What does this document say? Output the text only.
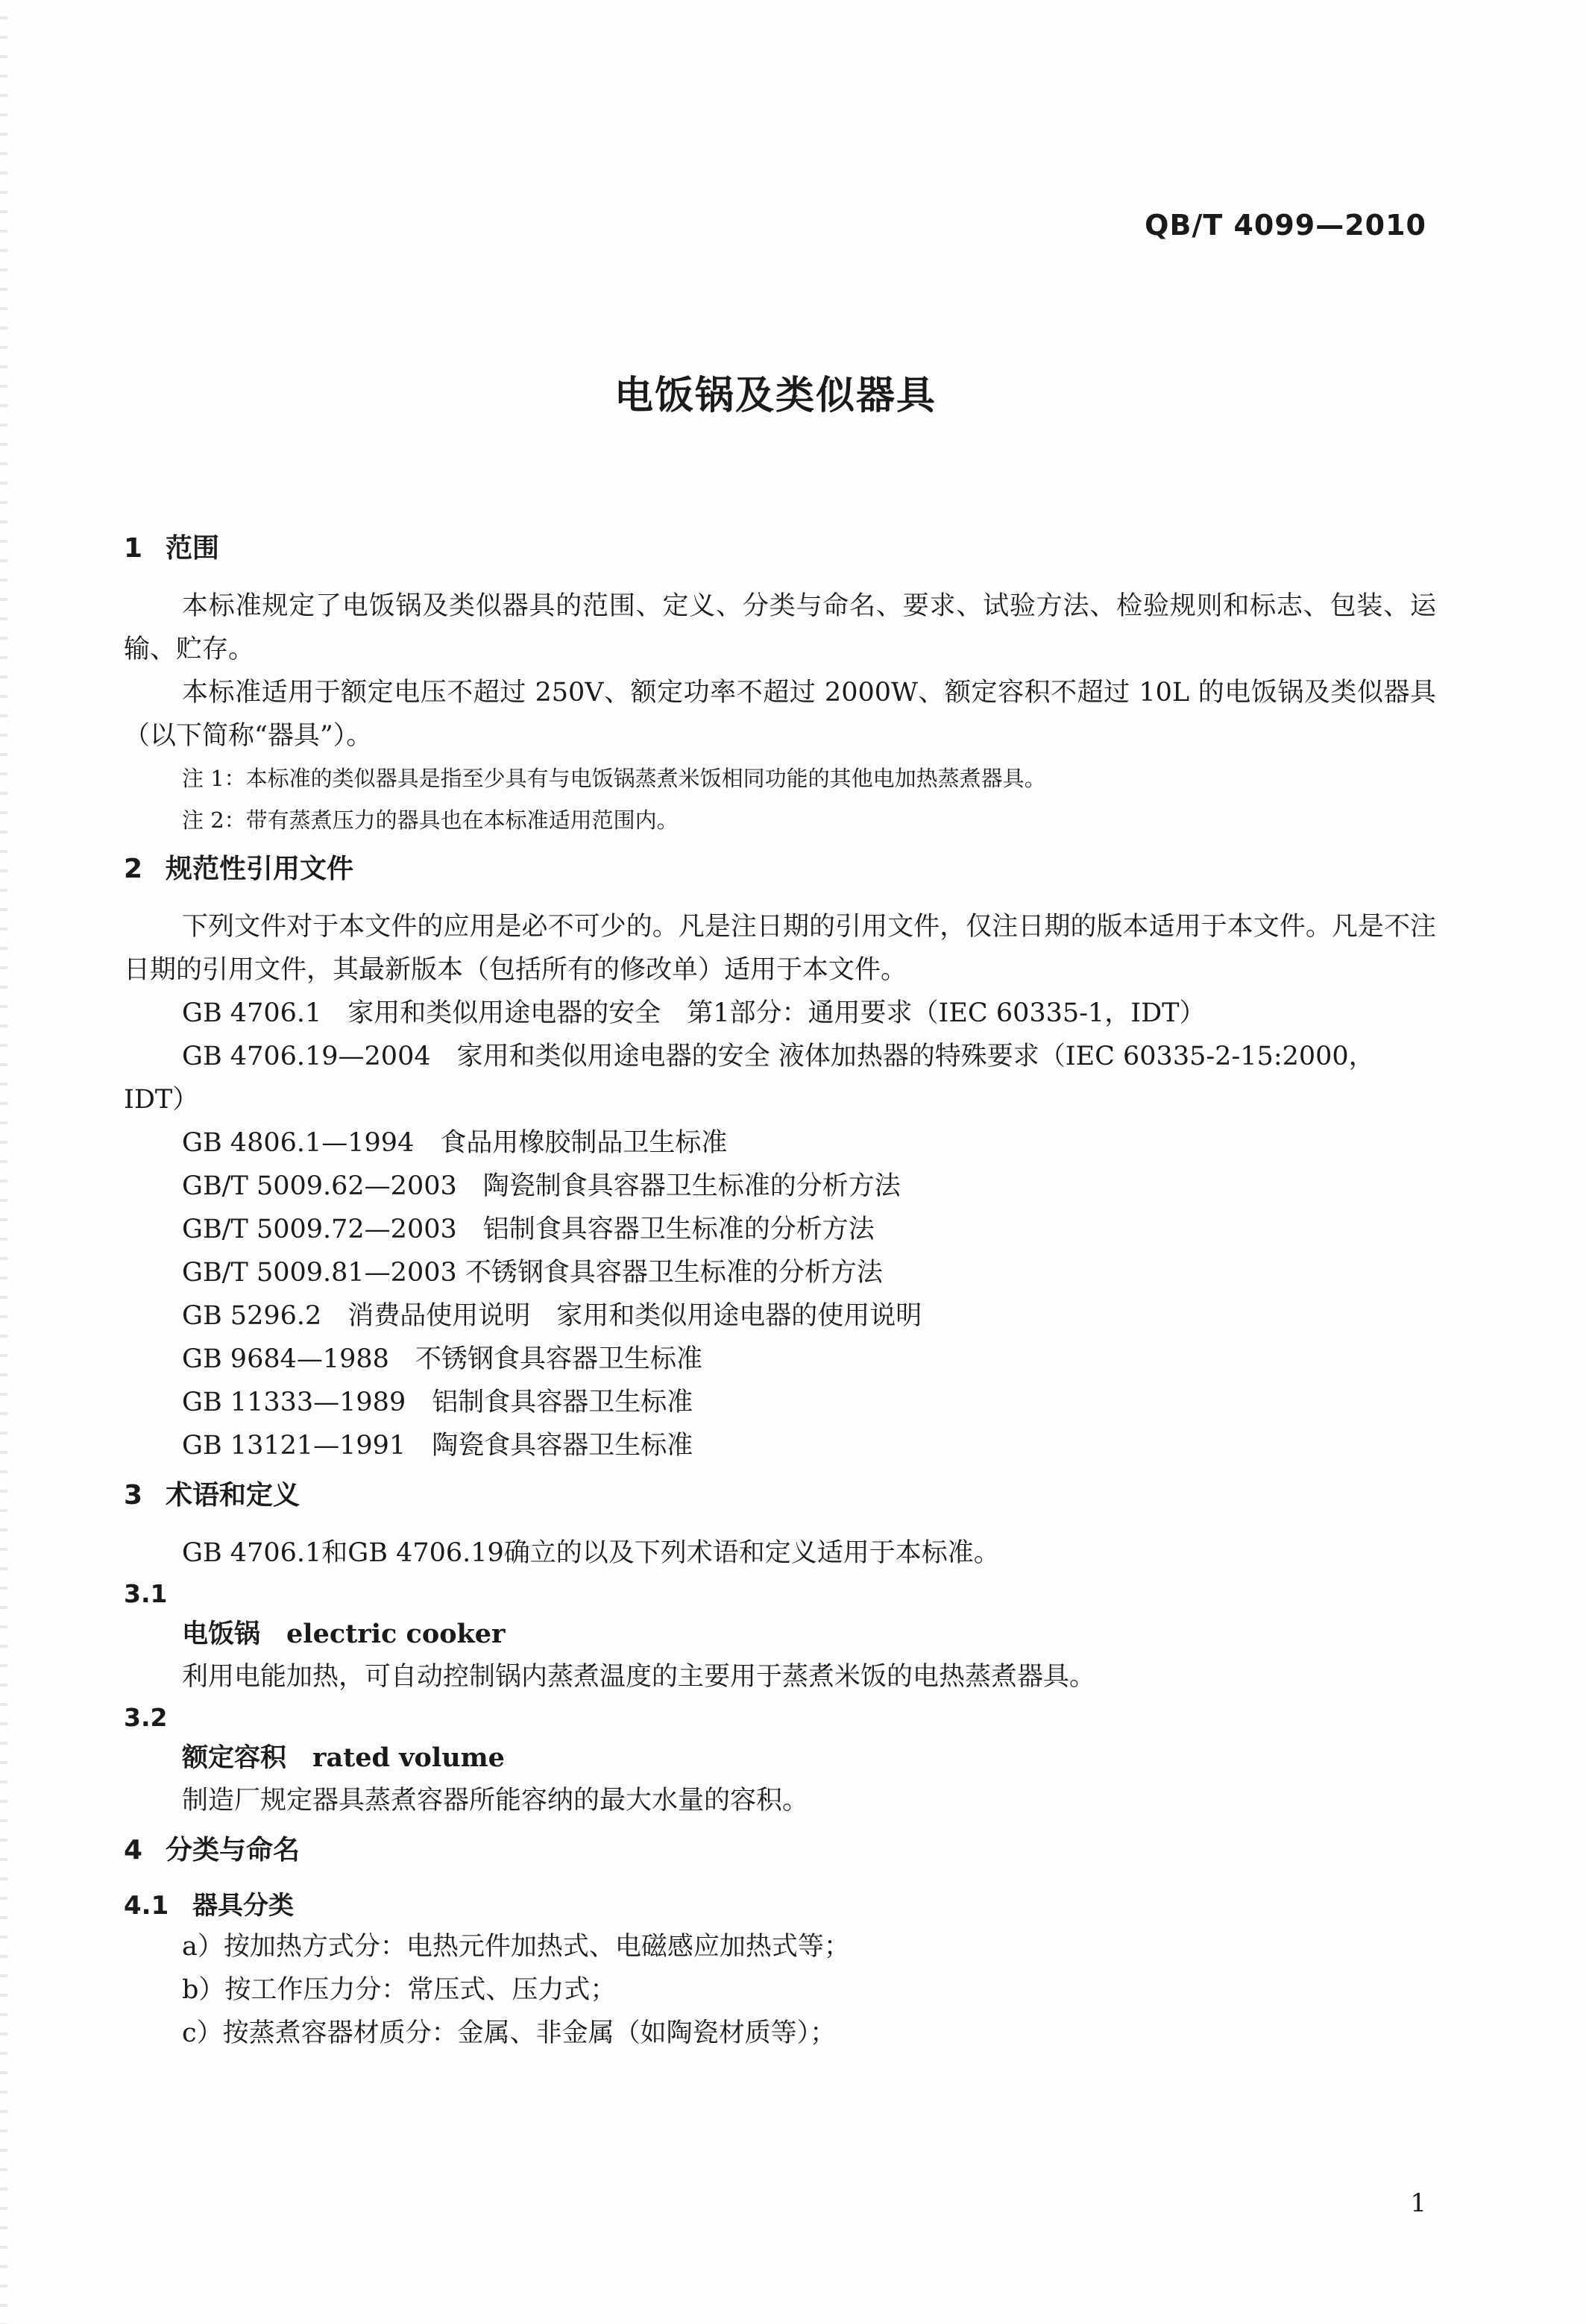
QB/T 4099—2010
电饭锅及类似器具
1 范围

本标准规定了电饭锅及类似器具的范围、定义、分类与命名、要求、试验方法、检验规则和标志、包装、运输、贮存。

本标准适用于额定电压不超过 250V、额定功率不超过 2000W、额定容积不超过 10L 的电饭锅及类似器具（以下简称“器具”）。

注 1：本标准的类似器具是指至少具有与电饭锅蒸煮米饭相同功能的其他电加热蒸煮器具。

注 2：带有蒸煮压力的器具也在本标准适用范围内。

2 规范性引用文件

下列文件对于本文件的应用是必不可少的。凡是注日期的引用文件，仅注日期的版本适用于本文件。凡是不注日期的引用文件，其最新版本（包括所有的修改单）适用于本文件。

GB 4706.1　家用和类似用途电器的安全　第1部分：通用要求（IEC 60335-1，IDT）

GB 4706.19—2004　家用和类似用途电器的安全 液体加热器的特殊要求（IEC 60335-2-15:2000，IDT）

GB 4806.1—1994　食品用橡胶制品卫生标准

GB/T 5009.62—2003　陶瓷制食具容器卫生标准的分析方法

GB/T 5009.72—2003　铝制食具容器卫生标准的分析方法

GB/T 5009.81—2003 不锈钢食具容器卫生标准的分析方法

GB 5296.2　消费品使用说明　家用和类似用途电器的使用说明

GB 9684—1988　不锈钢食具容器卫生标准

GB 11333—1989　铝制食具容器卫生标准

GB 13121—1991　陶瓷食具容器卫生标准

3 术语和定义

GB 4706.1和GB 4706.19确立的以及下列术语和定义适用于本标准。

3.1

电饭锅　electric cooker

利用电能加热，可自动控制锅内蒸煮温度的主要用于蒸煮米饭的电热蒸煮器具。

3.2

额定容积　rated volume

制造厂规定器具蒸煮容器所能容纳的最大水量的容积。

4 分类与命名
4.1 器具分类

a）按加热方式分：电热元件加热式、电磁感应加热式等；

b）按工作压力分：常压式、压力式；

c）按蒸煮容器材质分：金属、非金属（如陶瓷材质等）；

1
